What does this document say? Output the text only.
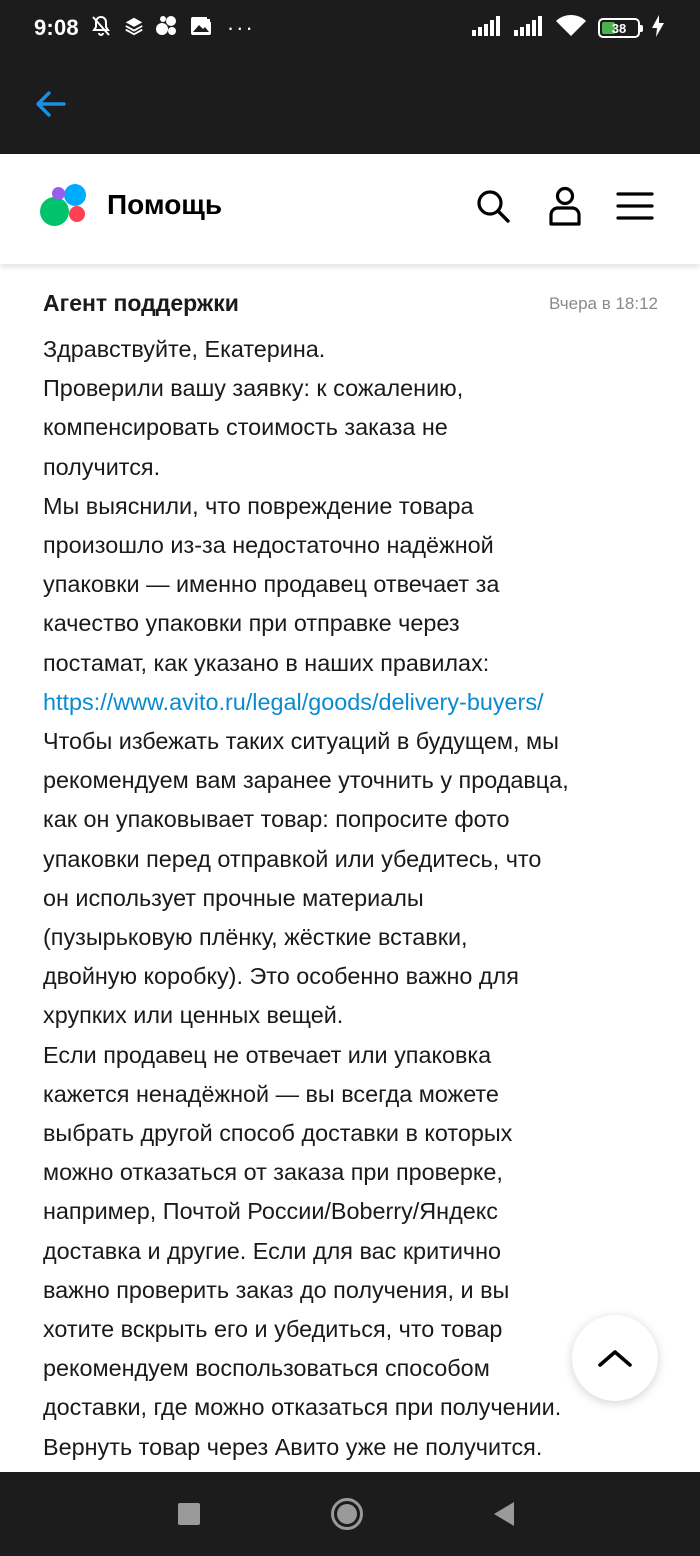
9:08	···	38
Помощь
Агент поддержки	Вчера в 18:12
Здравствуйте, Екатерина.
Проверили вашу заявку: к сожалению,
компенсировать стоимость заказа не
получится.
Мы выяснили, что повреждение товара
произошло из-за недостаточно надёжной
упаковки — именно продавец отвечает за
качество упаковки при отправке через
постамат, как указано в наших правилах:
https://www.avito.ru/legal/goods/delivery-buyers/
Чтобы избежать таких ситуаций в будущем, мы
рекомендуем вам заранее уточнить у продавца,
как он упаковывает товар: попросите фото
упаковки перед отправкой или убедитесь, что
он использует прочные материалы
(пузырьковую плёнку, жёсткие вставки,
двойную коробку). Это особенно важно для
хрупких или ценных вещей.
Если продавец не отвечает или упаковка
кажется ненадёжной — вы всегда можете
выбрать другой способ доставки в которых
можно отказаться от заказа при проверке,
например, Почтой России/Boberry/Яндекс
доставка и другие. Если для вас критично
важно проверить заказ до получения, и вы
хотите вскрыть его и убедиться, что товар
рекомендуем воспользоваться способом
доставки, где можно отказаться при получении.
Вернуть товар через Авито уже не получится.
